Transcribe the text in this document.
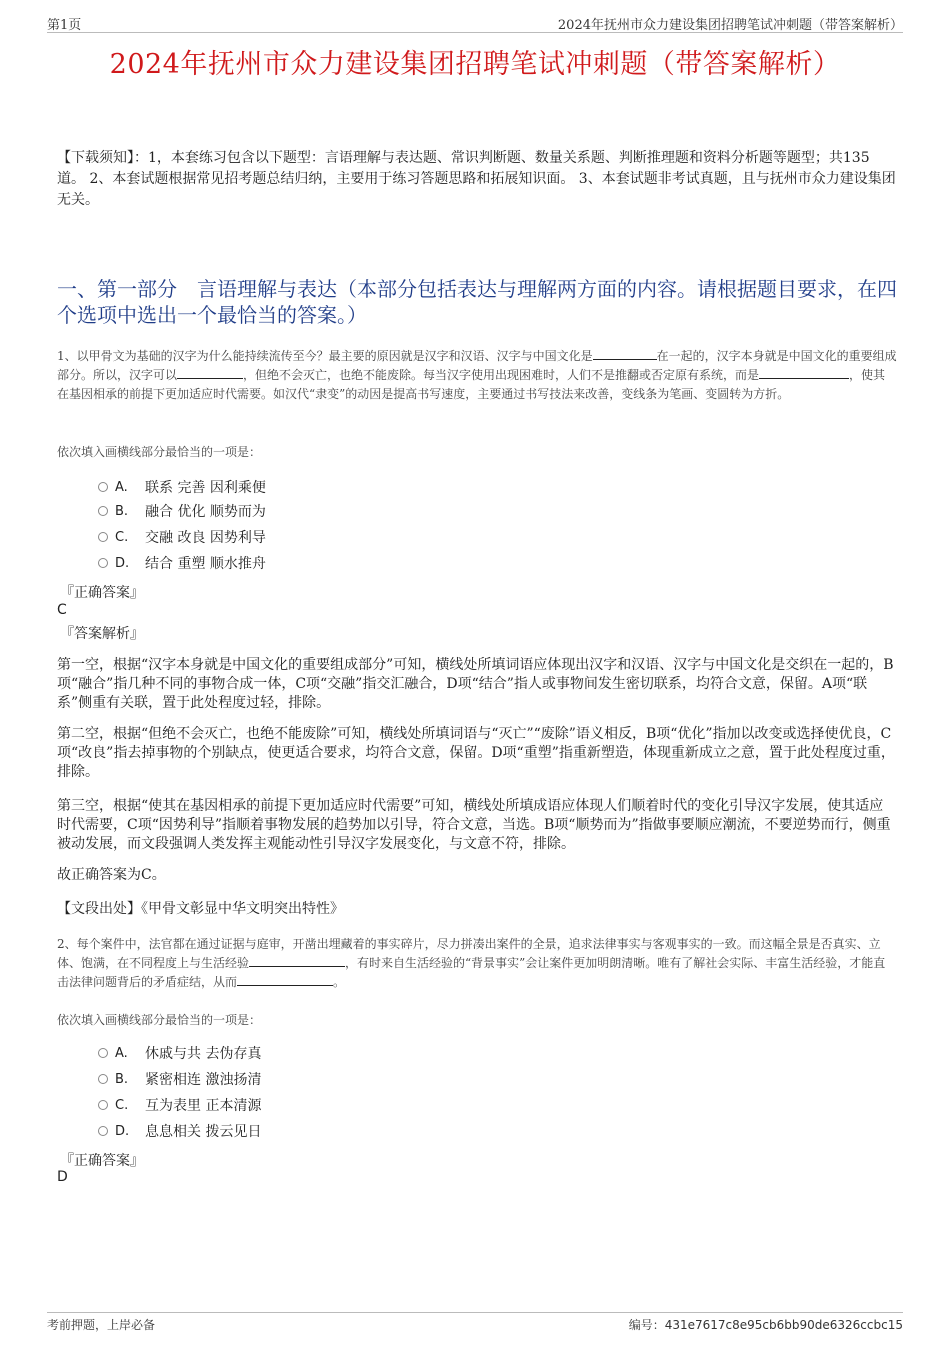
第1页	2024年抚州市众力建设集团招聘笔试冲刺题（带答案解析）
2024年抚州市众力建设集团招聘笔试冲刺题（带答案解析）
【下载须知】：1，本套练习包含以下题型：言语理解与表达题、常识判断题、数量关系题、判断推理题和资料分析题等题型；共135道。 2、本套试题根据常见招考题总结归纳，主要用于练习答题思路和拓展知识面。 3、本套试题非考试真题，且与抚州市众力建设集团无关。
一、第一部分　言语理解与表达（本部分包括表达与理解两方面的内容。请根据题目要求，在四个选项中选出一个最恰当的答案。）
1、以甲骨文为基础的汉字为什么能持续流传至今？最主要的原因就是汉字和汉语、汉字与中国文化是	在一起的，汉字本身就是中国文化的重要组成部分。所以，汉字可以	，但绝不会灭亡，也绝不能废除。每当汉字使用出现困难时，人们不是推翻或否定原有系统，而是	，使其在基因相承的前提下更加适应时代需要。如汉代“隶变”的动因是提高书写速度，主要通过书写技法来改善，变线条为笔画、变圆转为方折。
依次填入画横线部分最恰当的一项是：
A.	联系 完善 因利乘便
B.	融合 优化 顺势而为
C.	交融 改良 因势利导
D.	结合 重塑 顺水推舟
『正确答案』
C
『答案解析』
第一空，根据“汉字本身就是中国文化的重要组成部分”可知，横线处所填词语应体现出汉字和汉语、汉字与中国文化是交织在一起的，B项“融合”指几种不同的事物合成一体，C项“交融”指交汇融合，D项“结合”指人或事物间发生密切联系，均符合文意，保留。A项“联系”侧重有关联，置于此处程度过轻，排除。
第二空，根据“但绝不会灭亡，也绝不能废除”可知，横线处所填词语与“灭亡”“废除”语义相反，B项“优化”指加以改变或选择使优良，C项“改良”指去掉事物的个别缺点，使更适合要求，均符合文意，保留。D项“重塑”指重新塑造，体现重新成立之意，置于此处程度过重，排除。
第三空，根据“使其在基因相承的前提下更加适应时代需要”可知，横线处所填成语应体现人们顺着时代的变化引导汉字发展，使其适应时代需要，C项“因势利导”指顺着事物发展的趋势加以引导，符合文意，当选。B项“顺势而为”指做事要顺应潮流，不要逆势而行，侧重被动发展，而文段强调人类发挥主观能动性引导汉字发展变化，与文意不符，排除。
故正确答案为C。
【文段出处】《甲骨文彰显中华文明突出特性》
2、每个案件中，法官都在通过证据与庭审，开凿出埋藏着的事实碎片，尽力拼凑出案件的全景，追求法律事实与客观事实的一致。而这幅全景是否真实、立体、饱满，在不同程度上与生活经验	，有时来自生活经验的“背景事实”会让案件更加明朗清晰。唯有了解社会实际、丰富生活经验，才能直击法律问题背后的矛盾症结，从而	。
依次填入画横线部分最恰当的一项是：
A.	休戚与共 去伪存真
B.	紧密相连 激浊扬清
C.	互为表里 正本清源
D.	息息相关 拨云见日
『正确答案』
D
考前押题，上岸必备	编号：431e7617c8e95cb6bb90de6326ccbc15
